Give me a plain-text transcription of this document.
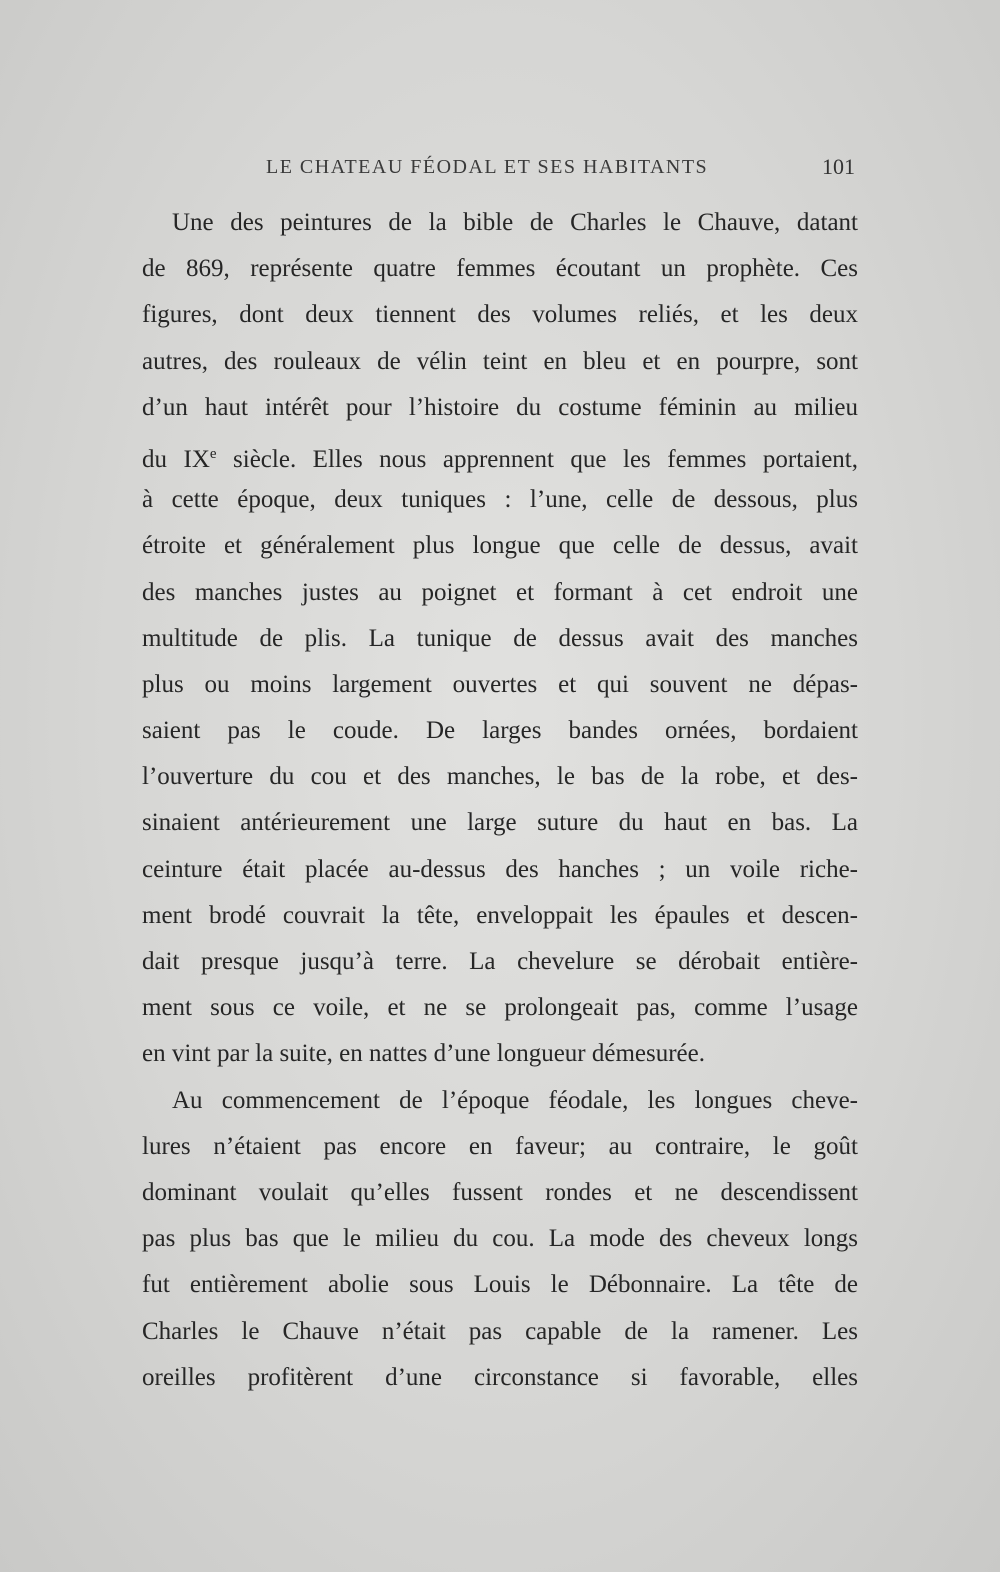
LE CHATEAU FÉODAL ET SES HABITANTS	101
Une des peintures de la bible de Charles le Chauve, datant
de 869, représente quatre femmes écoutant un prophète. Ces
figures, dont deux tiennent des volumes reliés, et les deux
autres, des rouleaux de vélin teint en bleu et en pourpre, sont
d’un haut intérêt pour l’histoire du costume féminin au milieu
du IXe siècle. Elles nous apprennent que les femmes portaient,
à cette époque, deux tuniques : l’une, celle de dessous, plus
étroite et généralement plus longue que celle de dessus, avait
des manches justes au poignet et formant à cet endroit une
multitude de plis. La tunique de dessus avait des manches
plus ou moins largement ouvertes et qui souvent ne dépas-
saient pas le coude. De larges bandes ornées, bordaient
l’ouverture du cou et des manches, le bas de la robe, et des-
sinaient antérieurement une large suture du haut en bas. La
ceinture était placée au-dessus des hanches ; un voile riche-
ment brodé couvrait la tête, enveloppait les épaules et descen-
dait presque jusqu’à terre. La chevelure se dérobait entière-
ment sous ce voile, et ne se prolongeait pas, comme l’usage
en vint par la suite, en nattes d’une longueur démesurée.
Au commencement de l’époque féodale, les longues cheve-
lures n’étaient pas encore en faveur; au contraire, le goût
dominant voulait qu’elles fussent rondes et ne descendissent
pas plus bas que le milieu du cou. La mode des cheveux longs
fut entièrement abolie sous Louis le Débonnaire. La tête de
Charles le Chauve n’était pas capable de la ramener. Les
oreilles profitèrent d’une circonstance si favorable, elles
